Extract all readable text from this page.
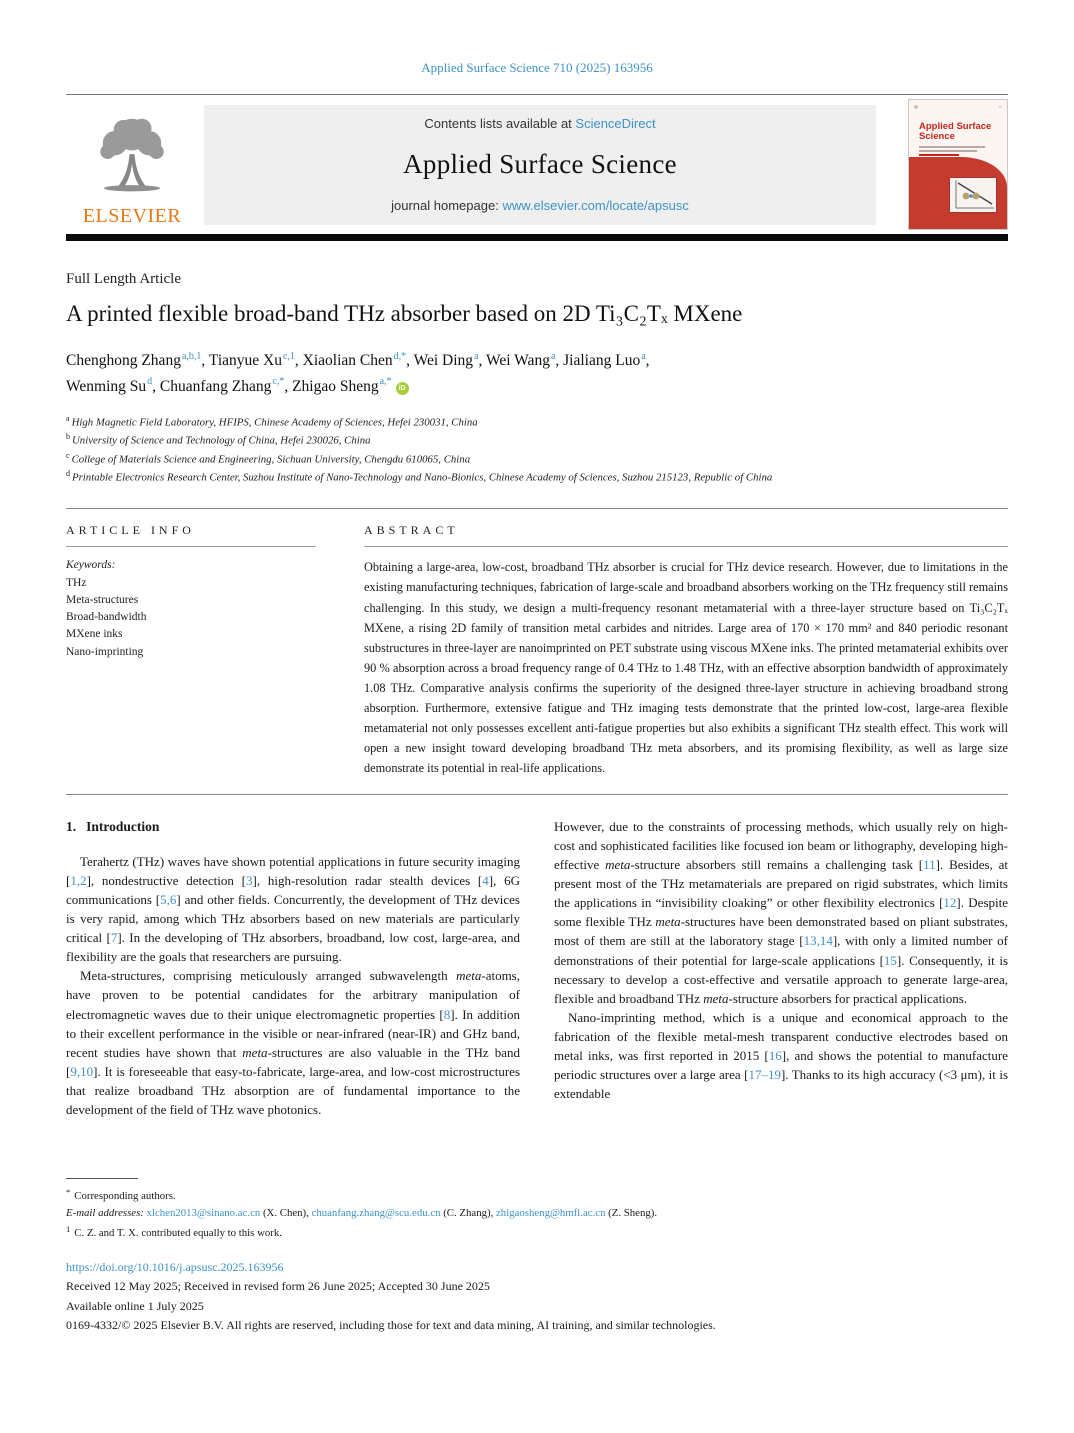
Applied Surface Science 710 (2025) 163956
ELSEVIER
Contents lists available at ScienceDirect
Applied Surface Science
journal homepage: www.elsevier.com/locate/apsusc
▦	▪▪
Applied Surface Science
Full Length Article
A printed flexible broad-band THz absorber based on 2D Ti₃C₂Tₓ MXene
Chenghong Zhang$^{a,b,1}$, Tianyue Xu$^{c,1}$, Xiaolian Chen$^{d,*}$, Wei Ding$^a$, Wei Wang$^a$, Jialiang Luo$^a$,
Wenming Su$^d$, Chuanfang Zhang$^{c,*}$, Zhigao Sheng$^{a,*}$iD
$^a$ High Magnetic Field Laboratory, HFIPS, Chinese Academy of Sciences, Hefei 230031, China
$^b$ University of Science and Technology of China, Hefei 230026, China
$^c$ College of Materials Science and Engineering, Sichuan University, Chengdu 610065, China
$^d$ Printable Electronics Research Center, Suzhou Institute of Nano-Technology and Nano-Bionics, Chinese Academy of Sciences, Suzhou 215123, Republic of China
ARTICLE INFO
Keywords:
THz
Meta-structures
Broad-bandwidth
MXene inks
Nano-imprinting
ABSTRACT
Obtaining a large-area, low-cost, broadband THz absorber is crucial for THz device research. However, due to limitations in the existing manufacturing techniques, fabrication of large-scale and broadband absorbers working on the THz frequency still remains challenging. In this study, we design a multi-frequency resonant metamaterial with a three-layer structure based on Ti₃C₂Tₓ MXene, a rising 2D family of transition metal carbides and nitrides. Large area of 170 × 170 mm² and 840 periodic resonant substructures in three-layer are nanoimprinted on PET substrate using viscous MXene inks. The printed metamaterial exhibits over 90 % absorption across a broad frequency range of 0.4 THz to 1.48 THz, with an effective absorption bandwidth of approximately 1.08 THz. Comparative analysis confirms the superiority of the designed three-layer structure in achieving broadband strong absorption. Furthermore, extensive fatigue and THz imaging tests demonstrate that the printed low-cost, large-area flexible metamaterial not only possesses excellent anti-fatigue properties but also exhibits a significant THz stealth effect. This work will open a new insight toward developing broadband THz meta absorbers, and its promising flexibility, as well as large size demonstrate its potential in real-life applications.
1. Introduction

Terahertz (THz) waves have shown potential applications in future security imaging [1,2], nondestructive detection [3], high-resolution radar stealth devices [4], 6G communications [5,6] and other fields. Concurrently, the development of THz devices is very rapid, among which THz absorbers based on new materials are particularly critical [7]. In the developing of THz absorbers, broadband, low cost, large-area, and flexibility are the goals that researchers are pursuing.

Meta-structures, comprising meticulously arranged subwavelength meta-atoms, have proven to be potential candidates for the arbitrary manipulation of electromagnetic waves due to their unique electromagnetic properties [8]. In addition to their excellent performance in the visible or near-infrared (near-IR) and GHz band, recent studies have shown that meta-structures are also valuable in the THz band [9,10]. It is foreseeable that easy-to-fabricate, large-area, and low-cost microstructures that realize broadband THz absorption are of fundamental importance to the development of the field of THz wave photonics.

However, due to the constraints of processing methods, which usually rely on high-cost and sophisticated facilities like focused ion beam or lithography, developing high-effective meta-structure absorbers still remains a challenging task [11]. Besides, at present most of the THz metamaterials are prepared on rigid substrates, which limits the applications in “invisibility cloaking” or other flexibility electronics [12]. Despite some flexible THz meta-structures have been demonstrated based on pliant substrates, most of them are still at the laboratory stage [13,14], with only a limited number of demonstrations of their potential for large-scale applications [15]. Consequently, it is necessary to develop a cost-effective and versatile approach to generate large-area, flexible and broadband THz meta-structure absorbers for practical applications.

Nano-imprinting method, which is a unique and economical approach to the fabrication of the flexible metal-mesh transparent conductive electrodes based on metal inks, was first reported in 2015 [16], and shows the potential to manufacture periodic structures over a large area [17–19]. Thanks to its high accuracy (<3 μm), it is extendable

* Corresponding authors.
E-mail addresses: xlchen2013@sinano.ac.cn (X. Chen), chuanfang.zhang@scu.edu.cn (C. Zhang), zhigaosheng@hmfl.ac.cn (Z. Sheng).
$^1$ C. Z. and T. X. contributed equally to this work.
https://doi.org/10.1016/j.apsusc.2025.163956
Received 12 May 2025; Received in revised form 26 June 2025; Accepted 30 June 2025
Available online 1 July 2025
0169-4332/© 2025 Elsevier B.V. All rights are reserved, including those for text and data mining, AI training, and similar technologies.
